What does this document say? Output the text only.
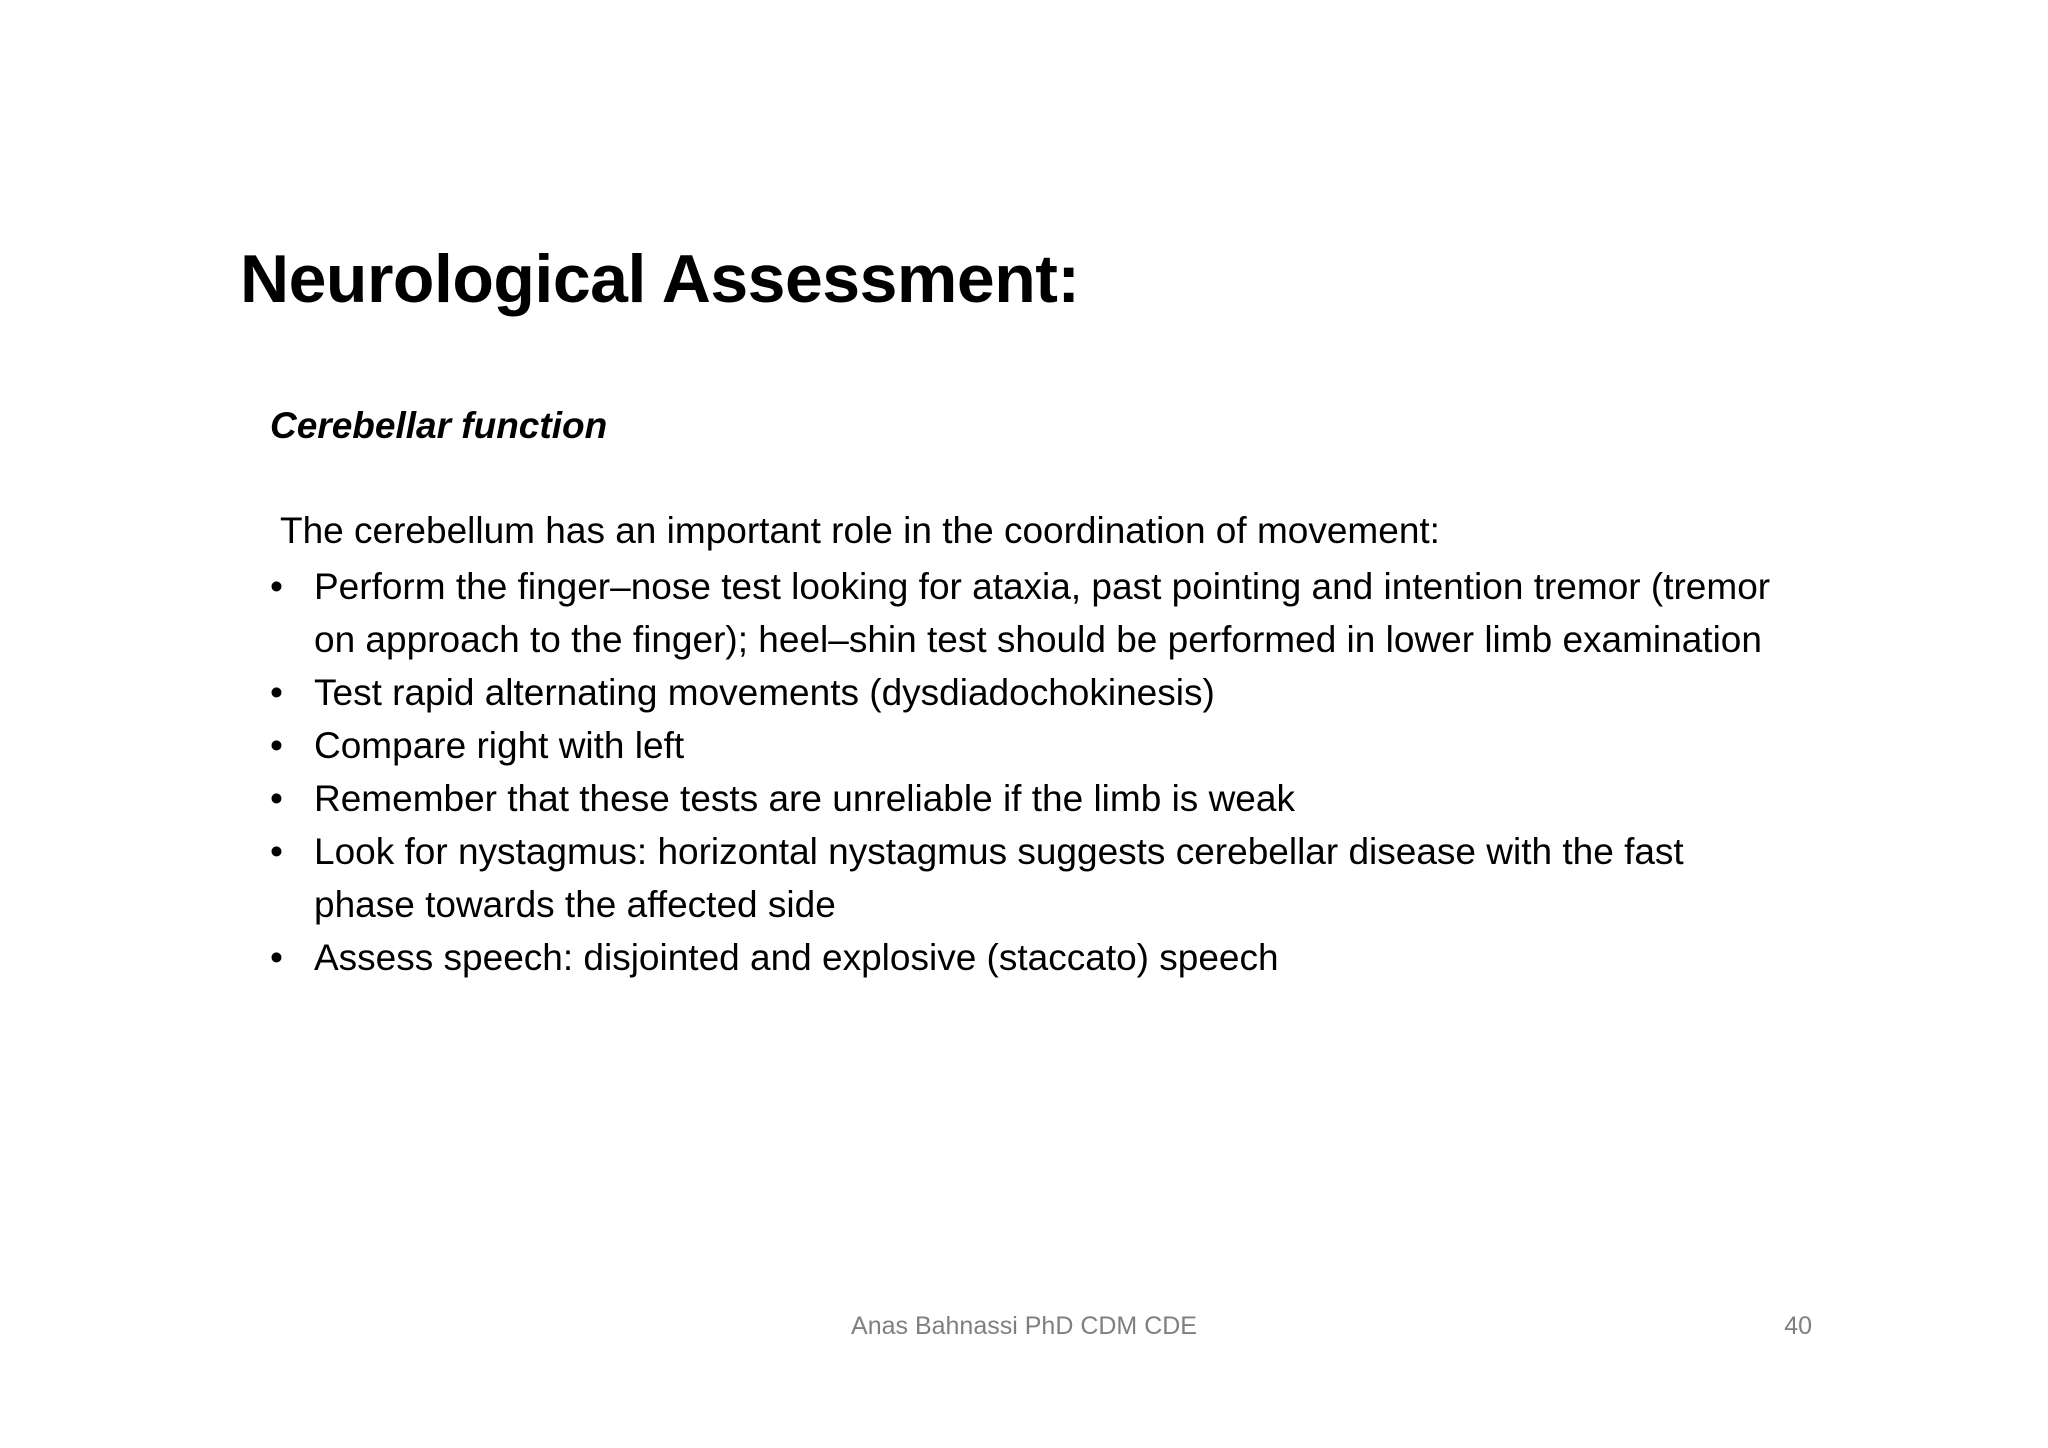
Neurological Assessment:
Cerebellar function
The cerebellum has an important role in the coordination of movement:
• Perform the finger–nose test looking for ataxia, past pointing and intention tremor (tremor on approach to the finger); heel–shin test should be performed in lower limb examination
• Test rapid alternating movements (dysdiadochokinesis)
• Compare right with left
• Remember that these tests are unreliable if the limb is weak
• Look for nystagmus: horizontal nystagmus suggests cerebellar disease with the fast phase towards the affected side
• Assess speech: disjointed and explosive (staccato) speech
Anas Bahnassi PhD CDM CDE	40
